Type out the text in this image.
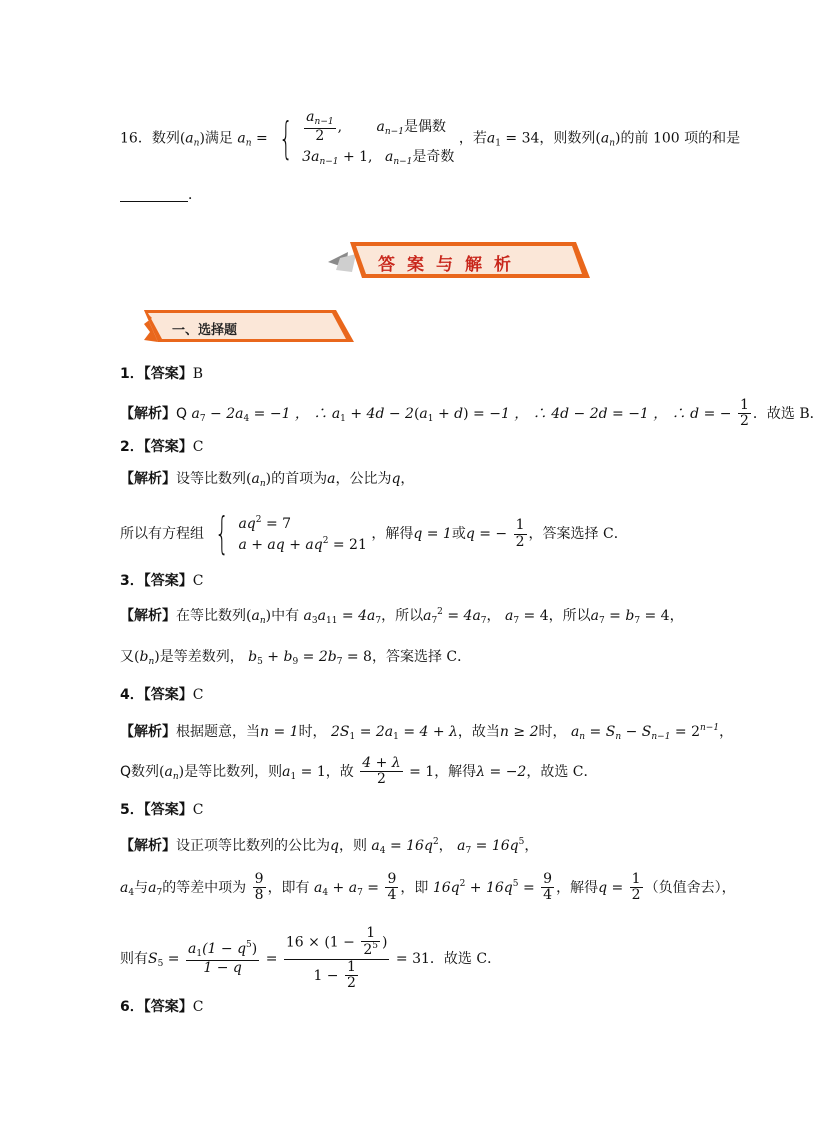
16．数列$(a_n)$满足 $a_n$ = { $\frac{a_{n-1}}{2}$ , $a_{n-1}$是偶数
$3a_{n-1} + 1$, $a_{n-1}$是奇数
，若$a_1 = 34$，则数列$(a_n)$的前 100 项的和是
．
答案与解析
一、选择题
1．【答案】B
【解析】Q $a_7 - 2a_4 = -1$ ， ∴ $a_1 + 4d - 2(a_1 + d) = -1$ ， ∴ 4d − 2d = −1 ， ∴ d = − $\frac{1}{2}$ ．故选 B．
2．【答案】C
【解析】设等比数列$(a_n)$的首项为a，公比为q，
所以有方程组 { $aq^2 = 7$
a + aq + $aq^2 = 21$
，解得q = 1或q = − $\frac{1}{2}$ ，答案选择 C．
3．【答案】C
【解析】在等比数列$(a_n)$中有 $a_3a_{11} = 4a_7$，所以$a_7^2 = 4a_7$， $a_7 = 4$，所以$a_7 = b_7 = 4$，
又$(b_n)$是等差数列， $b_5 + b_9 = 2b_7 = 8$，答案选择 C．
4．【答案】C
【解析】根据题意，当n = 1时， $2S_1 = 2a_1 = 4 + \lambda$，故当n ≥ 2时， $a_n = S_n - S_{n-1} = 2^{n-1}$，
Q数列$(a_n)$是等比数列，则$a_1 = 1$，故 $\frac{4 + \lambda}{2} = 1$，解得λ = −2，故选 C．
5．【答案】C
【解析】设正项等比数列的公比为q，则 $a_4 = 16q^2$， $a_7 = 16q^5$，
$a_4$与$a_7$的等差中项为 $\frac{9}{8}$ ，即有 $a_4 + a_7 = \frac{9}{4}$ ，即 $16q^2 + 16q^5 = \frac{9}{4}$ ，解得$q = \frac{1}{2}$ （负值舍去），
则有$S_5 = \frac{a_1(1 - q^5)}{1 - q} = \frac{16 \times (1 - \frac{1}{2^5} )}{1 - \frac{1}{2}} = 31$．故选 C．
6．【答案】C
